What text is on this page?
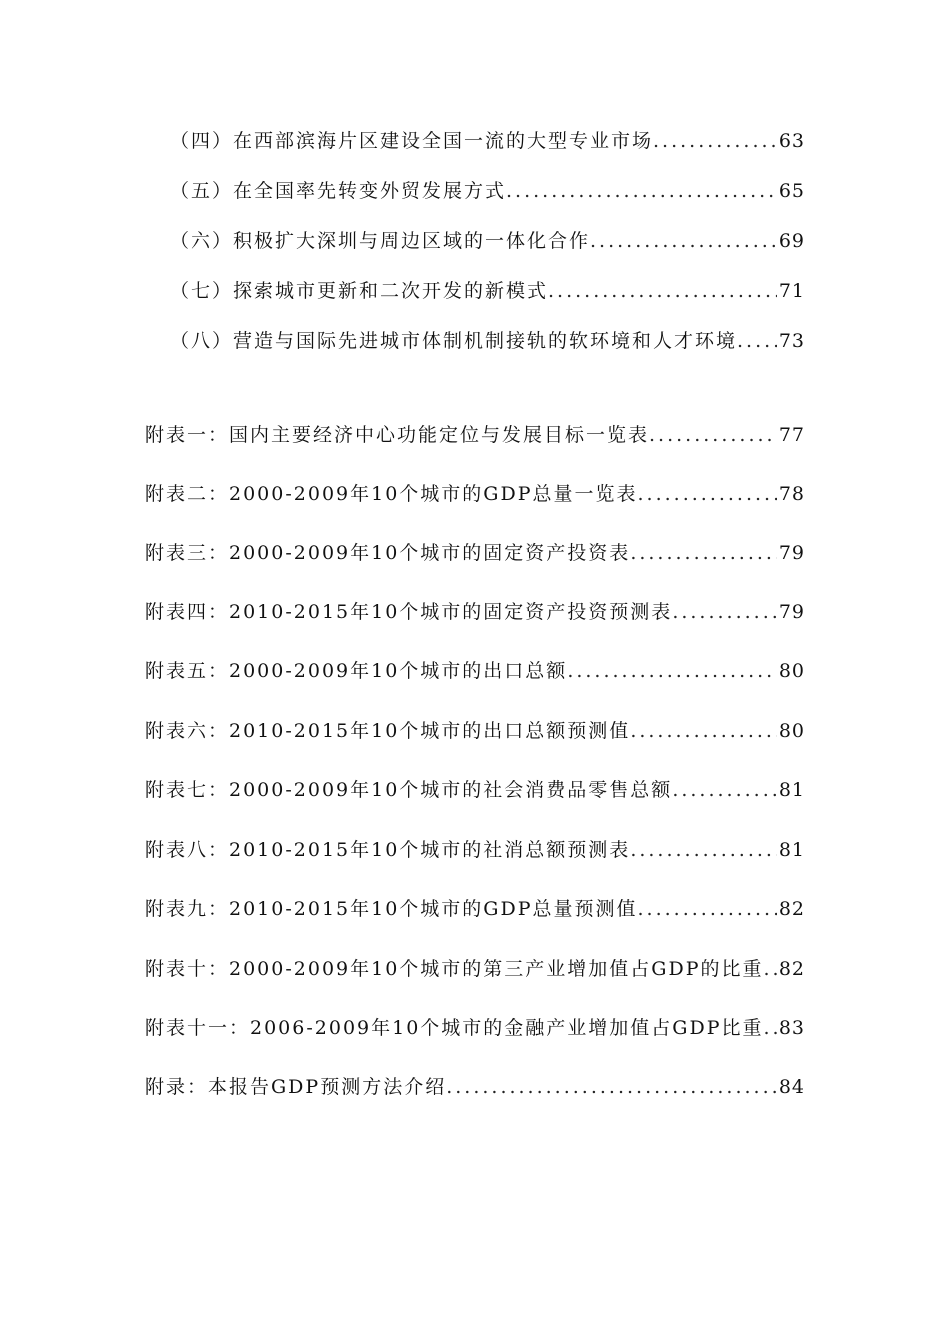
（四）在西部滨海片区建设全国一流的大型专业市场 .....	63
（五）在全国率先转变外贸发展方式 .....	65
（六）积极扩大深圳与周边区域的一体化合作 .....	69
（七）探索城市更新和二次开发的新模式 .....	71
（八）营造与国际先进城市体制机制接轨的软环境和人才环境 ..... 73
附表一：国内主要经济中心功能定位与发展目标一览表 .....	77
附表二：2000-2009年10个城市的GDP总量一览表 .....	78
附表三：2000-2009年10个城市的固定资产投资表 .....	79
附表四：2010-2015年10个城市的固定资产投资预测表 .....	79
附表五：2000-2009年10个城市的出口总额 .....	80
附表六：2010-2015年10个城市的出口总额预测值 .....	80
附表七：2000-2009年10个城市的社会消费品零售总额 .....	81
附表八：2010-2015年10个城市的社消总额预测表 .....	81
附表九：2010-2015年10个城市的GDP总量预测值 .....	82
附表十：2000-2009年10个城市的第三产业增加值占GDP的比重 ..... 82
附表十一：2006-2009年10个城市的金融产业增加值占GDP比重 ..... 83
附录：本报告GDP预测方法介绍 .....	84
